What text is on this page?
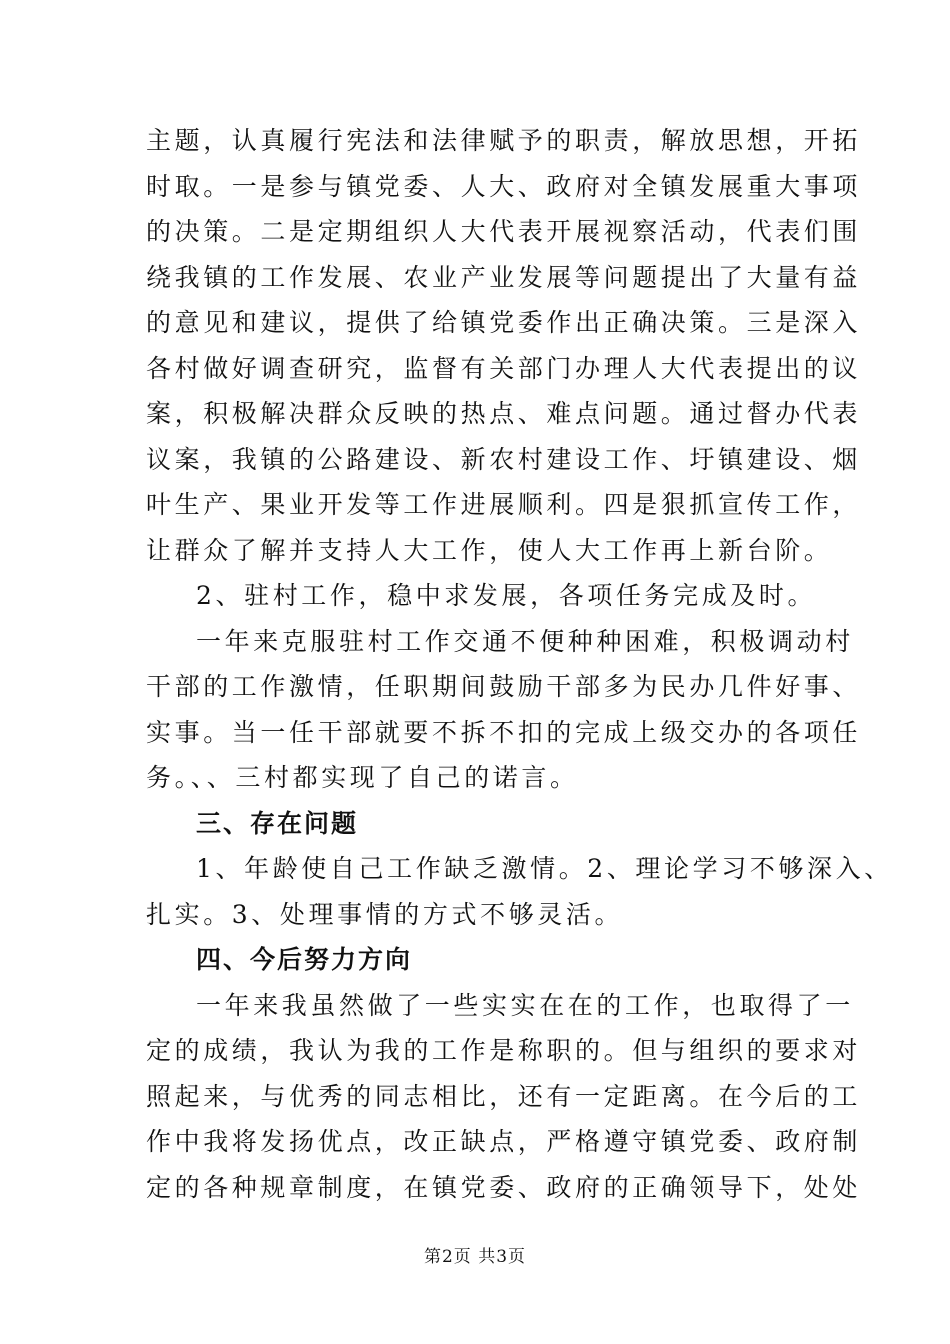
主题，认真履行宪法和法律赋予的职责，解放思想，开拓
时取。一是参与镇党委、人大、政府对全镇发展重大事项
的决策。二是定期组织人大代表开展视察活动，代表们围
绕我镇的工作发展、农业产业发展等问题提出了大量有益
的意见和建议，提供了给镇党委作出正确决策。三是深入
各村做好调查研究，监督有关部门办理人大代表提出的议
案，积极解决群众反映的热点、难点问题。通过督办代表
议案，我镇的公路建设、新农村建设工作、圩镇建设、烟
叶生产、果业开发等工作进展顺利。四是狠抓宣传工作，
让群众了解并支持人大工作，使人大工作再上新台阶。
2、驻村工作，稳中求发展，各项任务完成及时。
一年来克服驻村工作交通不便种种困难，积极调动村
干部的工作激情，任职期间鼓励干部多为民办几件好事、
实事。当一任干部就要不拆不扣的完成上级交办的各项任
务。、、三村都实现了自己的诺言。
三、存在问题
1、年龄使自己工作缺乏激情。2、理论学习不够深入、
扎实。3、处理事情的方式不够灵活。
四、今后努力方向
一年来我虽然做了一些实实在在的工作，也取得了一
定的成绩，我认为我的工作是称职的。但与组织的要求对
照起来，与优秀的同志相比，还有一定距离。在今后的工
作中我将发扬优点，改正缺点，严格遵守镇党委、政府制
定的各种规章制度，在镇党委、政府的正确领导下，处处
第2页 共3页
